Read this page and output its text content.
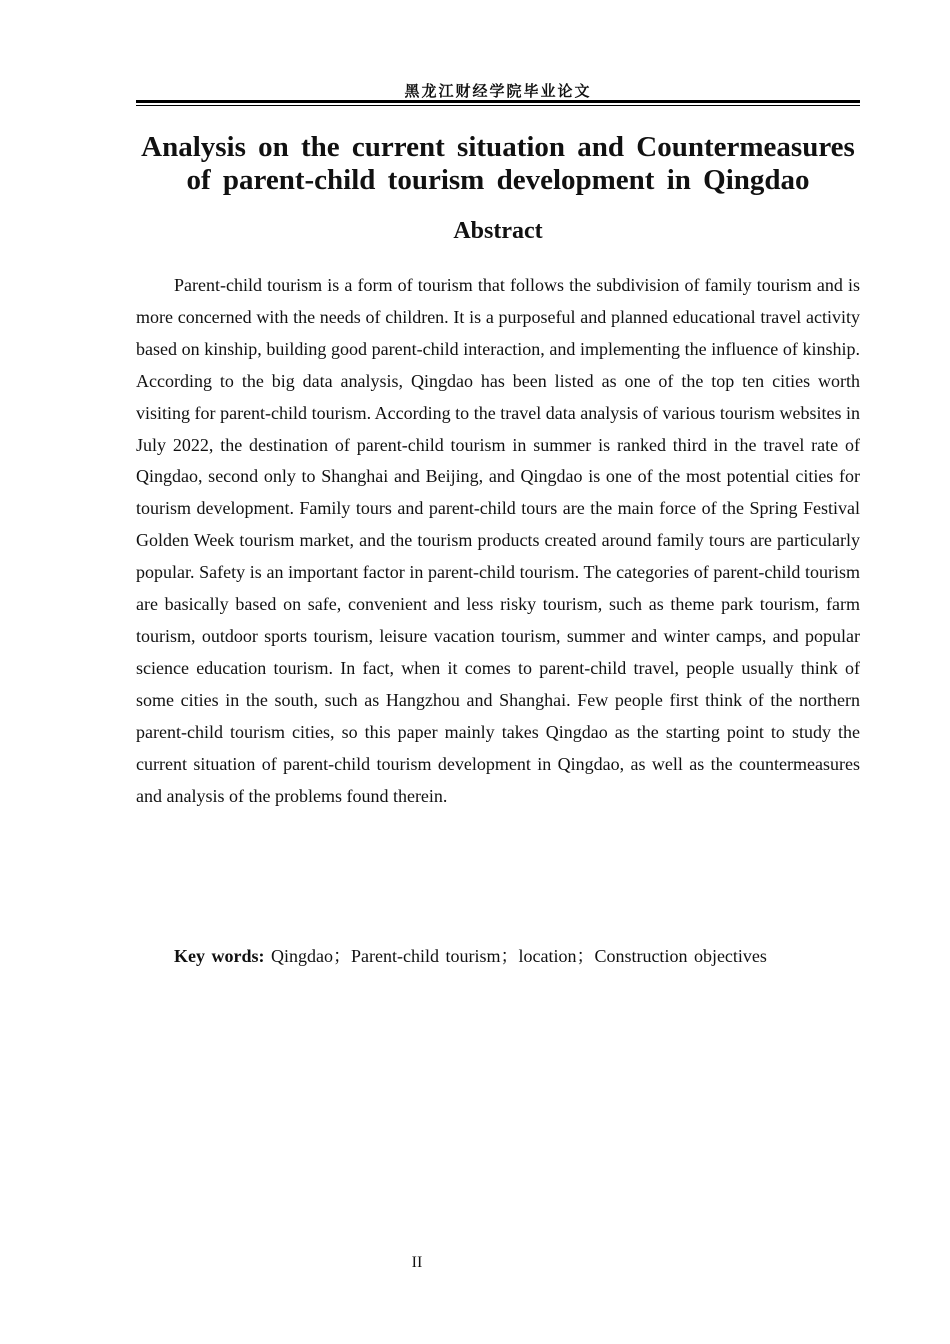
黑龙江财经学院毕业论文
Analysis on the current situation and Countermeasures
of parent-child tourism development in Qingdao
Abstract

Parent-child tourism is a form of tourism that follows the subdivision of family tourism and is more concerned with the needs of children. It is a purposeful and planned educational travel activity based on kinship, building good parent-child interaction, and implementing the influence of kinship. According to the big data analysis, Qingdao has been listed as one of the top ten cities worth visiting for parent-child tourism. According to the travel data analysis of various tourism websites in July 2022, the destination of parent-child tourism in summer is ranked third in the travel rate of Qingdao, second only to Shanghai and Beijing, and Qingdao is one of the most potential cities for tourism development. Family tours and parent-child tours are the main force of the Spring Festival Golden Week tourism market, and the tourism products created around family tours are particularly popular. Safety is an important factor in parent-child tourism. The categories of parent-child tourism are basically based on safe, convenient and less risky tourism, such as theme park tourism, farm tourism, outdoor sports tourism, leisure vacation tourism, summer and winter camps, and popular science education tourism. In fact, when it comes to parent-child travel, people usually think of some cities in the south, such as Hangzhou and Shanghai. Few people first think of the northern parent-child tourism cities, so this paper mainly takes Qingdao as the starting point to study the current situation of parent-child tourism development in Qingdao, as well as the countermeasures and analysis of the problems found therein.

Key words: Qingdao；Parent-child tourism；location；Construction objectives
II
